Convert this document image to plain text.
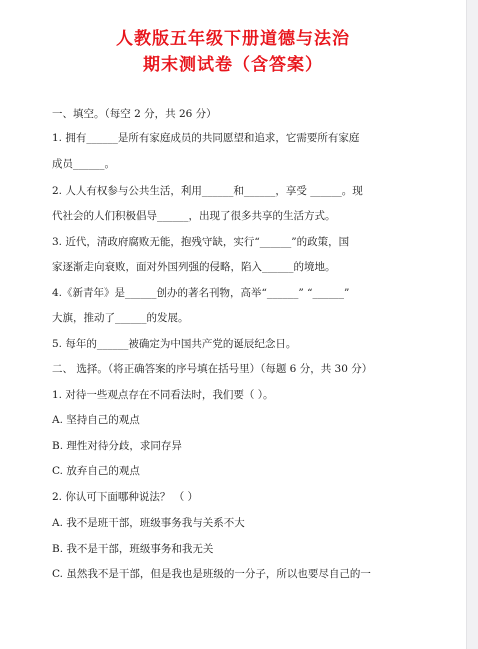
人教版五年级下册道德与法治
期末测试卷（含答案）
一、填空。（每空 2 分，共 26 分）
1. 拥有______是所有家庭成员的共同愿望和追求，它需要所有家庭
成员______。
2. 人人有权参与公共生活，利用______和______，享受 ______。现
代社会的人们积极倡导______，出现了很多共享的生活方式。
3. 近代，清政府腐败无能，抱残守缺，实行“______”的政策，国
家逐渐走向衰败，面对外国列强的侵略，陷入______的境地。
4.《新青年》是______创办的著名刊物，高举“______” “______”
大旗，推动了______的发展。
5. 每年的______被确定为中国共产党的诞辰纪念日。
二、 选择。（将正确答案的序号填在括号里）（每题 6 分，共 30 分）
1. 对待一些观点存在不同看法时，我们要（ ）。
A. 坚持自己的观点
B. 理性对待分歧，求同存异
C. 放弃自己的观点
2. 你认可下面哪种说法？ （ ）
A. 我不是班干部，班级事务我与关系不大
B. 我不是干部，班级事务和我无关
C. 虽然我不是干部，但是我也是班级的一分子，所以也要尽自己的一
